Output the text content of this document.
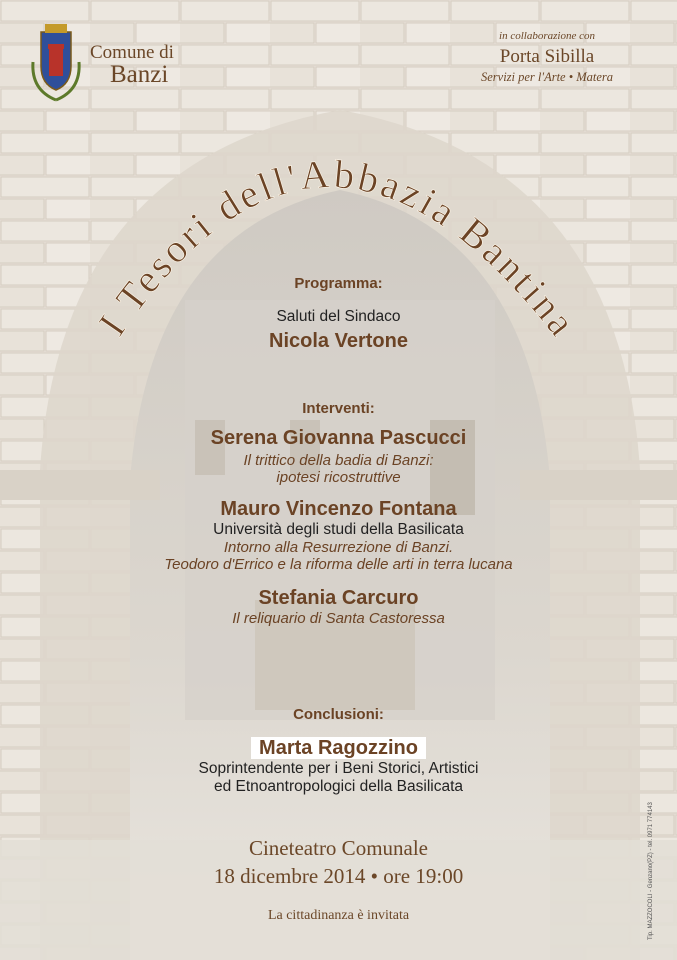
Comune di
Banzi
in collaborazione con
Porta Sibilla
Servizi per l'Arte • Matera
I Tesori dell'Abbazia Bantina
Programma:
Saluti del Sindaco
Nicola Vertone
Interventi:
Serena Giovanna Pascucci
Il trittico della badia di Banzi:
ipotesi ricostruttive
Mauro Vincenzo Fontana
Università degli studi della Basilicata
Intorno alla Resurrezione di Banzi.
Teodoro d'Errico e la riforma delle arti in terra lucana
Stefania Carcuro
Il reliquario di Santa Castoressa
Conclusioni:
Marta Ragozzino
Soprintendente per i Beni Storici, Artistici
ed Etnoantropologici della Basilicata
Cineteatro Comunale
18 dicembre 2014 • ore 19:00
La cittadinanza è invitata	Tip. MAZZOCOLI - Genzano(PZ) - tel. 0971 774143
